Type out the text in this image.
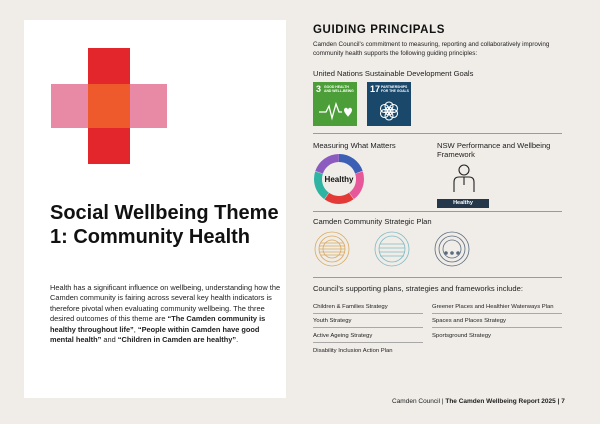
Social Wellbeing Theme 1: Community Health

Health has a significant influence on wellbeing, understanding how the Camden community is fairing across several key health indicators is therefore pivotal when evaluating community wellbeing. The three desired outcomes of this theme are “The Camden community is healthy throughout life”, “People within Camden have good mental health” and “Children in Camden are healthy”.

GUIDING PRINCIPALS

Camden Council's commitment to measuring, reporting and collaboratively improving community health supports the following guiding principles:

United Nations Sustainable Development Goals
3 GOOD HEALTH AND WELL-BEING 17 PARTNERSHIPS FOR THE GOALS
Measuring What Matters
Healthy
NSW Performance and Wellbeing Framework
Healthy
Camden Community Strategic Plan
Council's supporting plans, strategies and frameworks include:
Children & Families Strategy
Youth Strategy
Active Ageing Strategy
Disability Inclusion Action Plan
Greener Places and Healthier Waterways Plan
Spaces and Places Strategy
Sportsground Strategy
Camden Council | The Camden Wellbeing Report 2025 | 7
